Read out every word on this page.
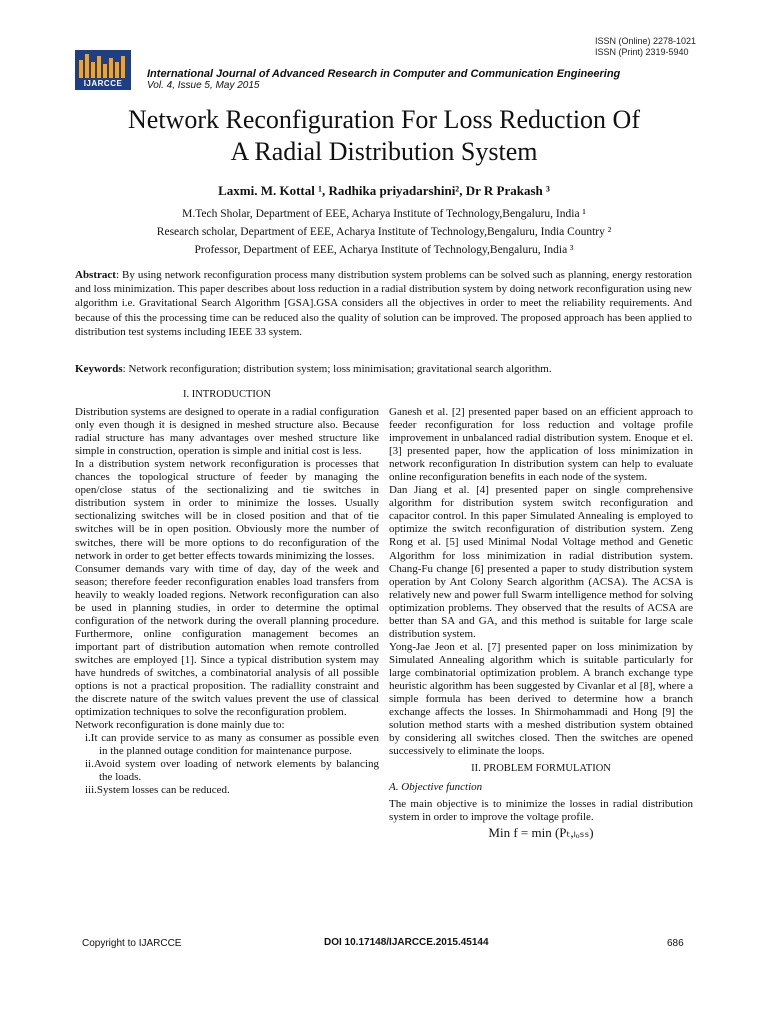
ISSN (Online) 2278-1021
ISSN (Print) 2319-5940
IJARCCE
International Journal of Advanced Research in Computer and Communication Engineering
Vol. 4, Issue 5, May 2015
Network Reconfiguration For Loss Reduction Of
A Radial Distribution System
Laxmi. M. Kottal ¹, Radhika priyadarshini², Dr R Prakash ³
M.Tech Sholar, Department of EEE, Acharya Institute of Technology,Bengaluru, India ¹
Research scholar, Department of EEE, Acharya Institute of Technology,Bengaluru, India Country ²
Professor, Department of EEE, Acharya Institute of Technology,Bengaluru, India ³
Abstract: By using network reconfiguration process many distribution system problems can be solved such as planning, energy restoration and loss minimization. This paper describes about loss reduction in a radial distribution system by doing network reconfiguration using new algorithm i.e. Gravitational Search Algorithm [GSA].GSA considers all the objectives in order to meet the reliability requirements. And because of this the processing time can be reduced also the quality of solution can be improved. The proposed approach has been applied to distribution test systems including IEEE 33 system.
Keywords: Network reconfiguration; distribution system; loss minimisation; gravitational search algorithm.
I. INTRODUCTION

Distribution systems are designed to operate in a radial configuration only even though it is designed in meshed structure also. Because radial structure has many advantages over meshed structure like simple in construction, operation is simple and initial cost is less.

In a distribution system network reconfiguration is processes that chances the topological structure of feeder by managing the open/close status of the sectionalizing and tie switches in distribution system in order to minimize the losses. Usually sectionalizing switches will be in closed position and that of tie switches will be in open position. Obviously more the number of switches, there will be more options to do reconfiguration of the network in order to get better effects towards minimizing the losses.

Consumer demands vary with time of day, day of the week and season; therefore feeder reconfiguration enables load transfers from heavily to weakly loaded regions. Network reconfiguration can also be used in planning studies, in order to determine the optimal configuration of the network during the overall planning procedure. Furthermore, online configuration management becomes an important part of distribution automation when remote controlled switches are employed [1]. Since a typical distribution system may have hundreds of switches, a combinatorial analysis of all possible options is not a practical proposition. The radiallity constraint and the discrete nature of the switch values prevent the use of classical optimization techniques to solve the reconfiguration problem.

Network reconfiguration is done mainly due to:

i.It can provide service to as many as consumer as possible even in the planned outage condition for maintenance purpose.

ii.Avoid system over loading of network elements by balancing the loads.

iii.System losses can be reduced.

Ganesh et al. [2] presented paper based on an efficient approach to feeder reconfiguration for loss reduction and voltage profile improvement in unbalanced radial distribution system. Enoque et el. [3] presented paper, how the application of loss minimization in network reconfiguration In distribution system can help to evaluate online reconfiguration benefits in each node of the system.

Dan Jiang et al. [4] presented paper on single comprehensive algorithm for distribution system switch reconfiguration and capacitor control. In this paper Simulated Annealing is employed to optimize the switch reconfiguration of distribution system. Zeng Rong et al. [5] used Minimal Nodal Voltage method and Genetic Algorithm for loss minimization in radial distribution system. Chang-Fu change [6] presented a paper to study distribution system operation by Ant Colony Search algorithm (ACSA). The ACSA is relatively new and power full Swarm intelligence method for solving optimization problems. They observed that the results of ACSA are better than SA and GA, and this method is suitable for large scale distribution system.

Yong-Jae Jeon et al. [7] presented paper on loss minimization by Simulated Annealing algorithm which is suitable particularly for large combinatorial optimization problem. A branch exchange type heuristic algorithm has been suggested by Civanlar et al [8], where a simple formula has been derived to determine how a branch exchange affects the losses. In Shirmohammadi and Hong [9] the solution method starts with a meshed distribution system obtained by considering all switches closed. Then the switches are opened successively to eliminate the loops.

II. PROBLEM FORMULATION
A. Objective function

The main objective is to minimize the losses in radial distribution system in order to improve the voltage profile.

Min f = min (Pₜ,ₗₒₛₛ)
Copyright to IJARCCE	DOI 10.17148/IJARCCE.2015.45144	686
